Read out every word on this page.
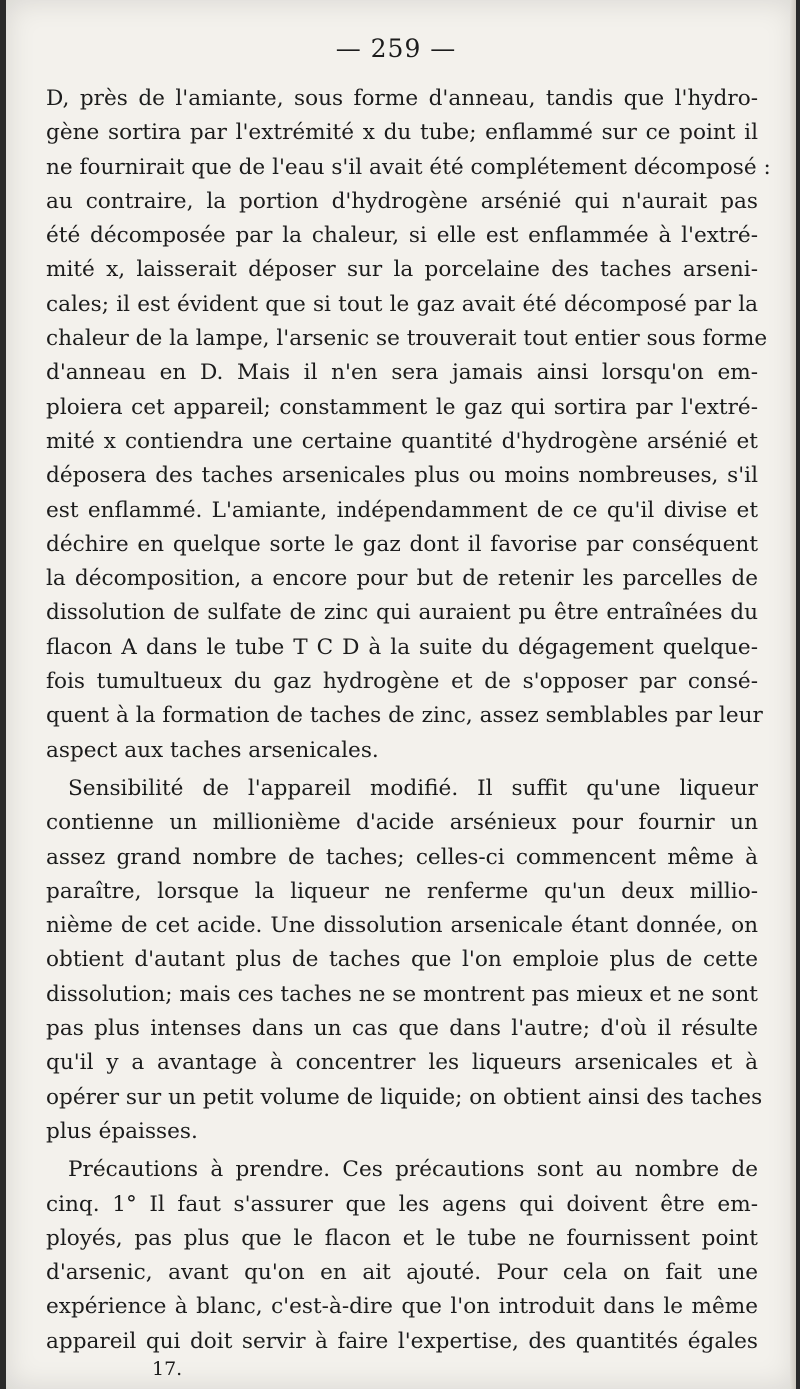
— 259 —
D, près de l'amiante, sous forme d'anneau, tandis que l'hydro-
gène sortira par l'extrémité x du tube; enflammé sur ce point il
ne fournirait que de l'eau s'il avait été complétement décomposé :
au contraire, la portion d'hydrogène arsénié qui n'aurait pas
été décomposée par la chaleur, si elle est enflammée à l'extré-
mité x, laisserait déposer sur la porcelaine des taches arseni-
cales; il est évident que si tout le gaz avait été décomposé par la
chaleur de la lampe, l'arsenic se trouverait tout entier sous forme
d'anneau en D. Mais il n'en sera jamais ainsi lorsqu'on em-
ploiera cet appareil; constamment le gaz qui sortira par l'extré-
mité x contiendra une certaine quantité d'hydrogène arsénié et
déposera des taches arsenicales plus ou moins nombreuses, s'il
est enflammé. L'amiante, indépendamment de ce qu'il divise et
déchire en quelque sorte le gaz dont il favorise par conséquent
la décomposition, a encore pour but de retenir les parcelles de
dissolution de sulfate de zinc qui auraient pu être entraînées du
flacon A dans le tube T C D à la suite du dégagement quelque-
fois tumultueux du gaz hydrogène et de s'opposer par consé-
quent à la formation de taches de zinc, assez semblables par leur
aspect aux taches arsenicales.
Sensibilité de l'appareil modifié. Il suffit qu'une liqueur
contienne un millionième d'acide arsénieux pour fournir un
assez grand nombre de taches; celles-ci commencent même à
paraître, lorsque la liqueur ne renferme qu'un deux millio-
nième de cet acide. Une dissolution arsenicale étant donnée, on
obtient d'autant plus de taches que l'on emploie plus de cette
dissolution; mais ces taches ne se montrent pas mieux et ne sont
pas plus intenses dans un cas que dans l'autre; d'où il résulte
qu'il y a avantage à concentrer les liqueurs arsenicales et à
opérer sur un petit volume de liquide; on obtient ainsi des taches
plus épaisses.
Précautions à prendre. Ces précautions sont au nombre de
cinq. 1° Il faut s'assurer que les agens qui doivent être em-
ployés, pas plus que le flacon et le tube ne fournissent point
d'arsenic, avant qu'on en ait ajouté. Pour cela on fait une
expérience à blanc, c'est-à-dire que l'on introduit dans le même
appareil qui doit servir à faire l'expertise, des quantités égales
17.
